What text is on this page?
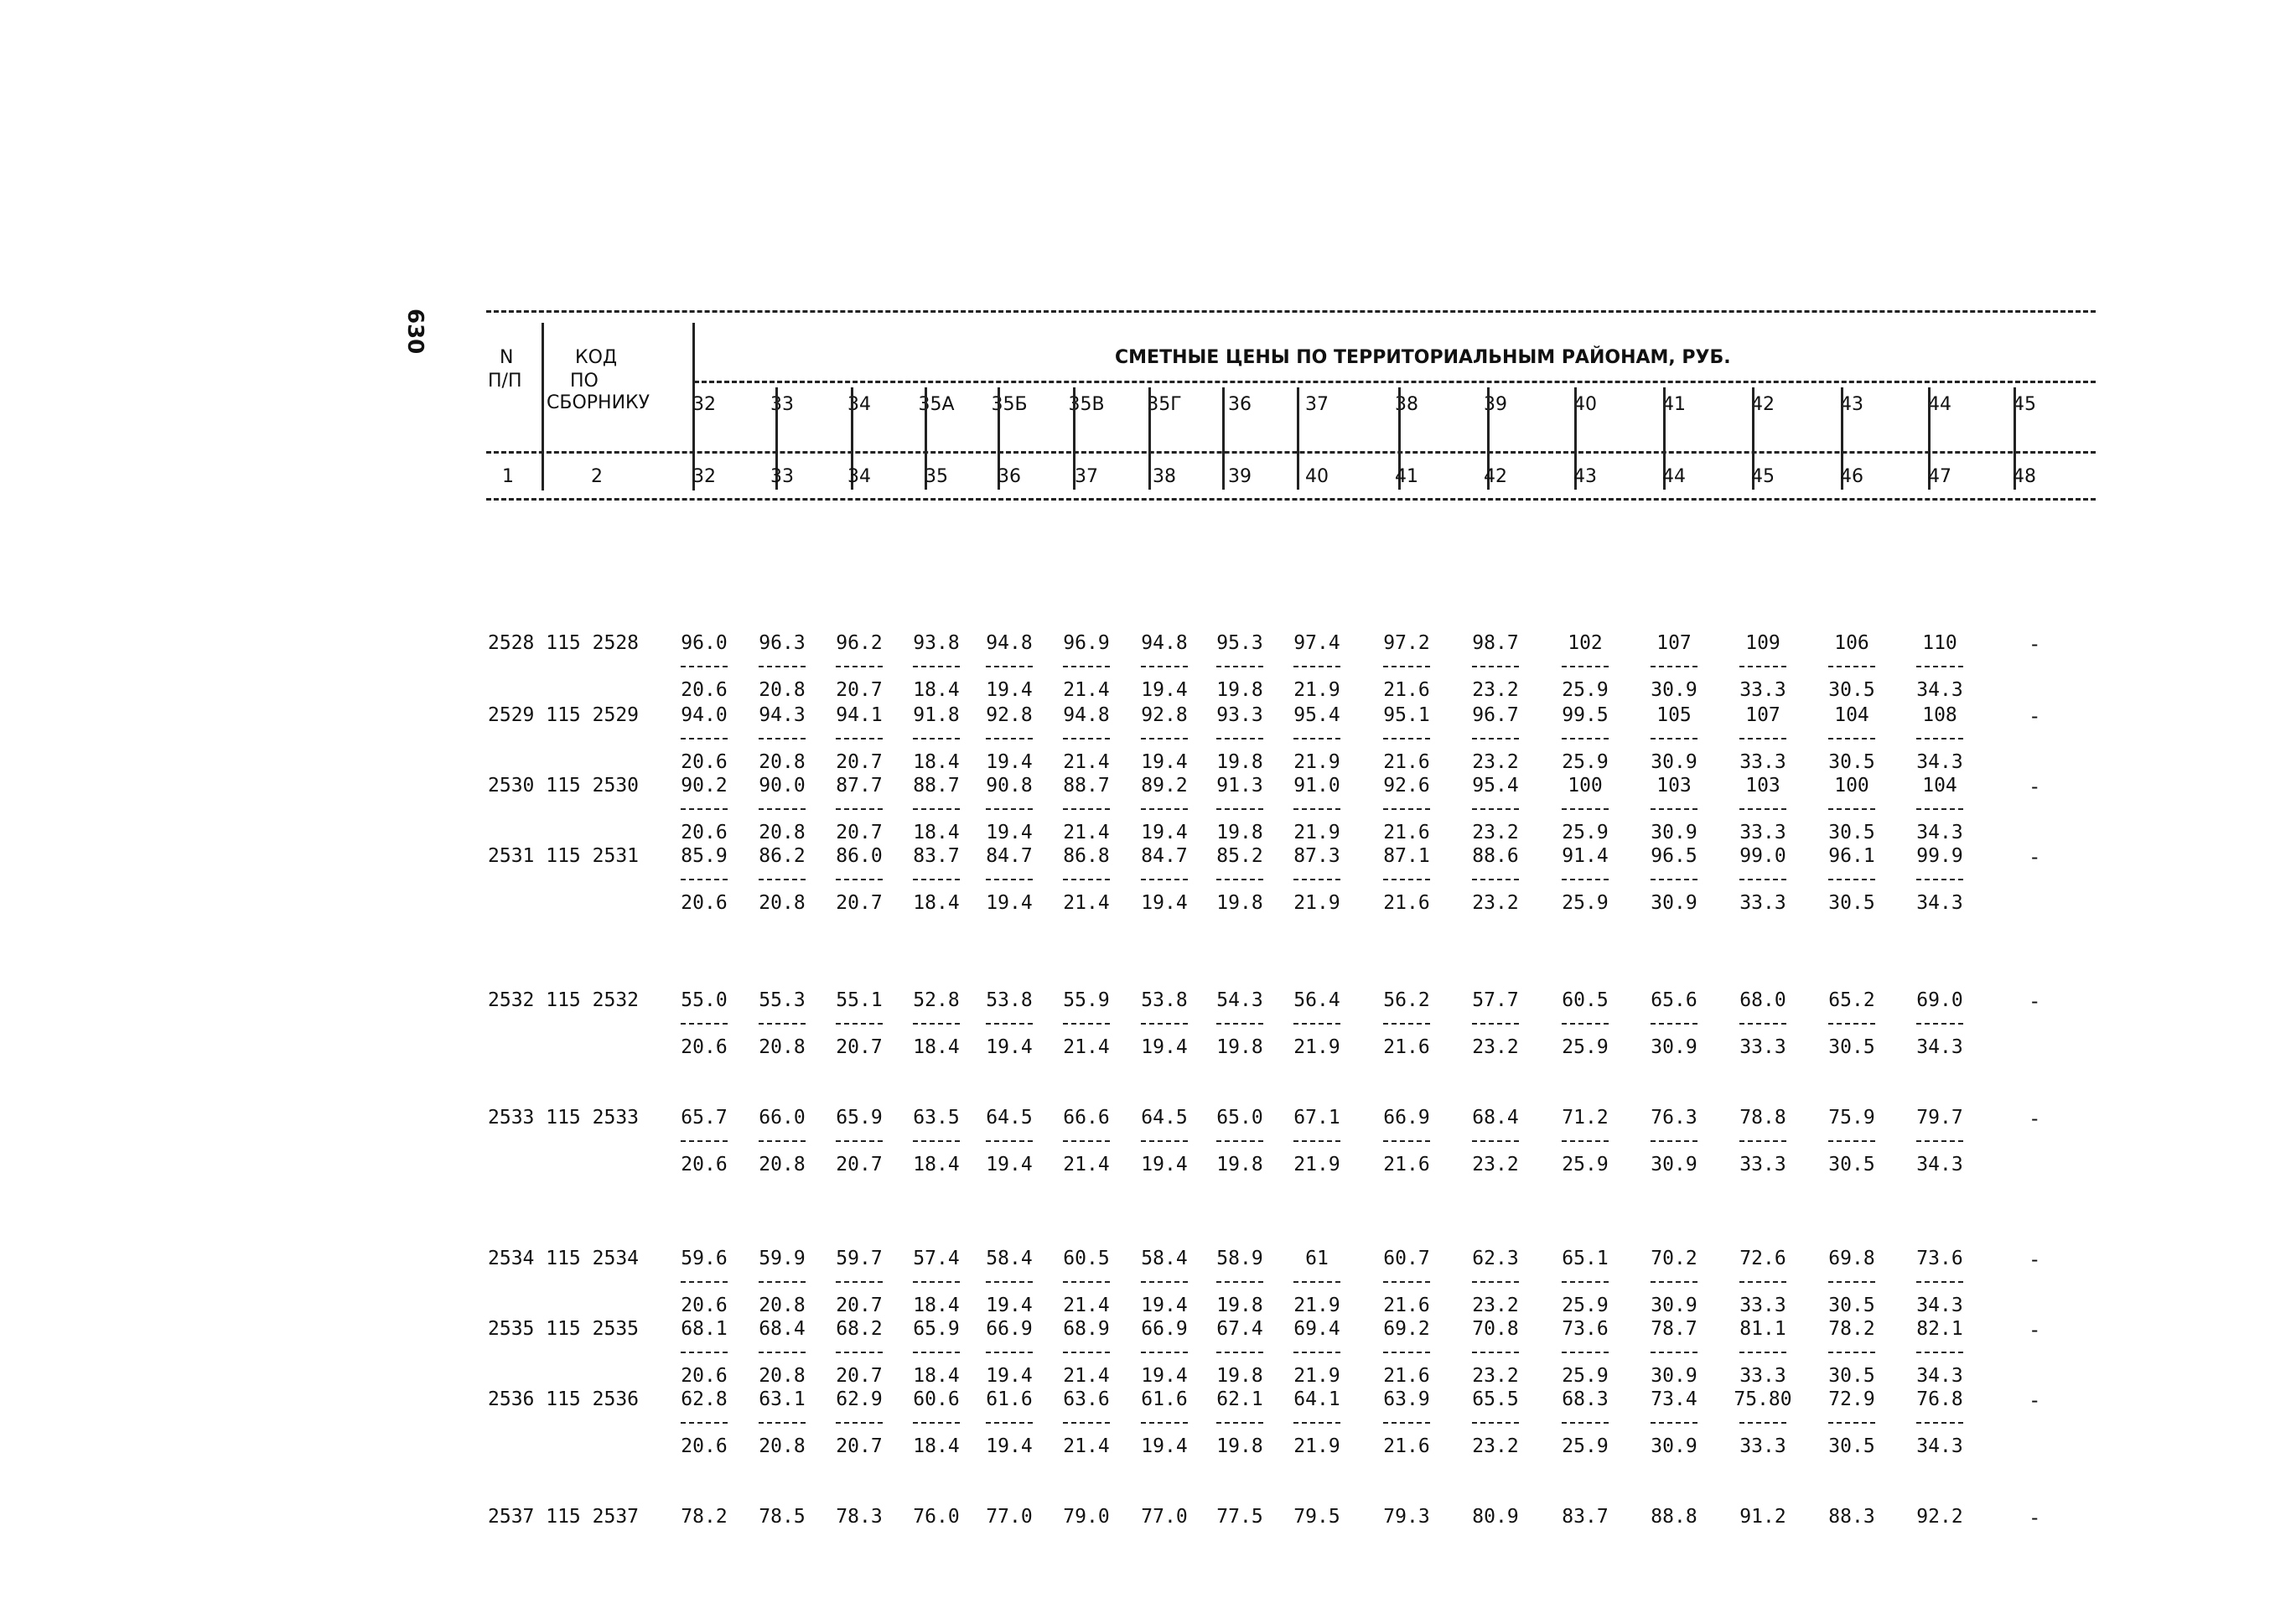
630
N
П/П
КОД
ПО
СБОРНИКУ
СМЕТНЫЕ ЦЕНЫ ПО ТЕРРИТОРИАЛЬНЫМ РАЙОНАМ, РУБ.
32	33	34	35А	35Б	35В	35Г	36	37	38	39	40	41	42	43	44	45
1	2	32	33	34	35	36	37	38	39	40	41	42	43	44	45	46	47	48
2528 115 2528	96.0	96.3	96.2	93.8	94.8	96.9	94.8	95.3	97.4	97.2	98.7	102	107	109	106	110
20.6	20.8	20.7	18.4	19.4	21.4	19.4	19.8	21.9	21.6	23.2	25.9	30.9	33.3	30.5	34.3
-
2529 115 2529	94.0	94.3	94.1	91.8	92.8	94.8	92.8	93.3	95.4	95.1	96.7	99.5	105	107	104	108
20.6	20.8	20.7	18.4	19.4	21.4	19.4	19.8	21.9	21.6	23.2	25.9	30.9	33.3	30.5	34.3
-
2530 115 2530	90.2	90.0	87.7	88.7	90.8	88.7	89.2	91.3	91.0	92.6	95.4	100	103	103	100	104
20.6	20.8	20.7	18.4	19.4	21.4	19.4	19.8	21.9	21.6	23.2	25.9	30.9	33.3	30.5	34.3
-
2531 115 2531	85.9	86.2	86.0	83.7	84.7	86.8	84.7	85.2	87.3	87.1	88.6	91.4	96.5	99.0	96.1	99.9
20.6	20.8	20.7	18.4	19.4	21.4	19.4	19.8	21.9	21.6	23.2	25.9	30.9	33.3	30.5	34.3
-
2532 115 2532	55.0	55.3	55.1	52.8	53.8	55.9	53.8	54.3	56.4	56.2	57.7	60.5	65.6	68.0	65.2	69.0
20.6	20.8	20.7	18.4	19.4	21.4	19.4	19.8	21.9	21.6	23.2	25.9	30.9	33.3	30.5	34.3
-
2533 115 2533	65.7	66.0	65.9	63.5	64.5	66.6	64.5	65.0	67.1	66.9	68.4	71.2	76.3	78.8	75.9	79.7
20.6	20.8	20.7	18.4	19.4	21.4	19.4	19.8	21.9	21.6	23.2	25.9	30.9	33.3	30.5	34.3
-
2534 115 2534	59.6	59.9	59.7	57.4	58.4	60.5	58.4	58.9	61	60.7	62.3	65.1	70.2	72.6	69.8	73.6
20.6	20.8	20.7	18.4	19.4	21.4	19.4	19.8	21.9	21.6	23.2	25.9	30.9	33.3	30.5	34.3
-
2535 115 2535	68.1	68.4	68.2	65.9	66.9	68.9	66.9	67.4	69.4	69.2	70.8	73.6	78.7	81.1	78.2	82.1
20.6	20.8	20.7	18.4	19.4	21.4	19.4	19.8	21.9	21.6	23.2	25.9	30.9	33.3	30.5	34.3
-
2536 115 2536	62.8	63.1	62.9	60.6	61.6	63.6	61.6	62.1	64.1	63.9	65.5	68.3	73.4	75.80	72.9	76.8
20.6	20.8	20.7	18.4	19.4	21.4	19.4	19.8	21.9	21.6	23.2	25.9	30.9	33.3	30.5	34.3
-
2537 115 2537	78.2	78.5	78.3	76.0	77.0	79.0	77.0	77.5	79.5	79.3	80.9	83.7	88.8	91.2	88.3	92.2	-
